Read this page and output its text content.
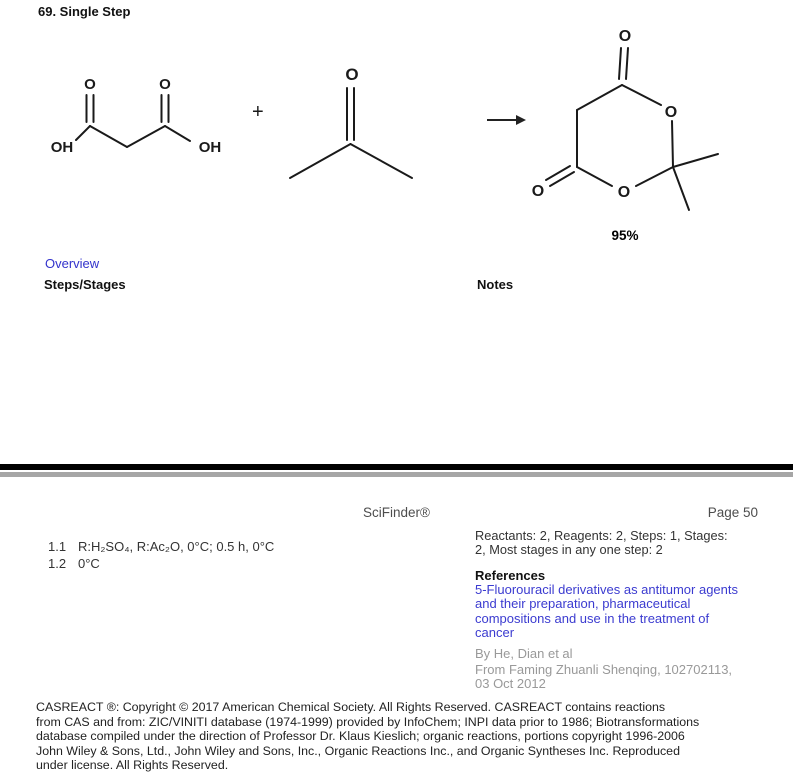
69. Single Step
O	O
OH	OH
+
O
O
O
O
O
95%
Overview
Steps/Stages	Notes
SciFinder®	Page 50
1.1 R:H₂SO₄, R:Ac₂O, 0°C; 0.5 h, 0°C
1.2 0°C
Reactants: 2, Reagents: 2, Steps: 1, Stages:
2, Most stages in any one step: 2
References
5-Fluorouracil derivatives as antitumor agents
and their preparation, pharmaceutical
compositions and use in the treatment of
cancer
By He, Dian et al
From Faming Zhuanli Shenqing, 102702113,
03 Oct 2012
CASREACT ®: Copyright © 2017 American Chemical Society. All Rights Reserved. CASREACT contains reactions
from CAS and from: ZIC/VINITI database (1974-1999) provided by InfoChem; INPI data prior to 1986; Biotransformations
database compiled under the direction of Professor Dr. Klaus Kieslich; organic reactions, portions copyright 1996-2006
John Wiley & Sons, Ltd., John Wiley and Sons, Inc., Organic Reactions Inc., and Organic Syntheses Inc. Reproduced
under license. All Rights Reserved.
